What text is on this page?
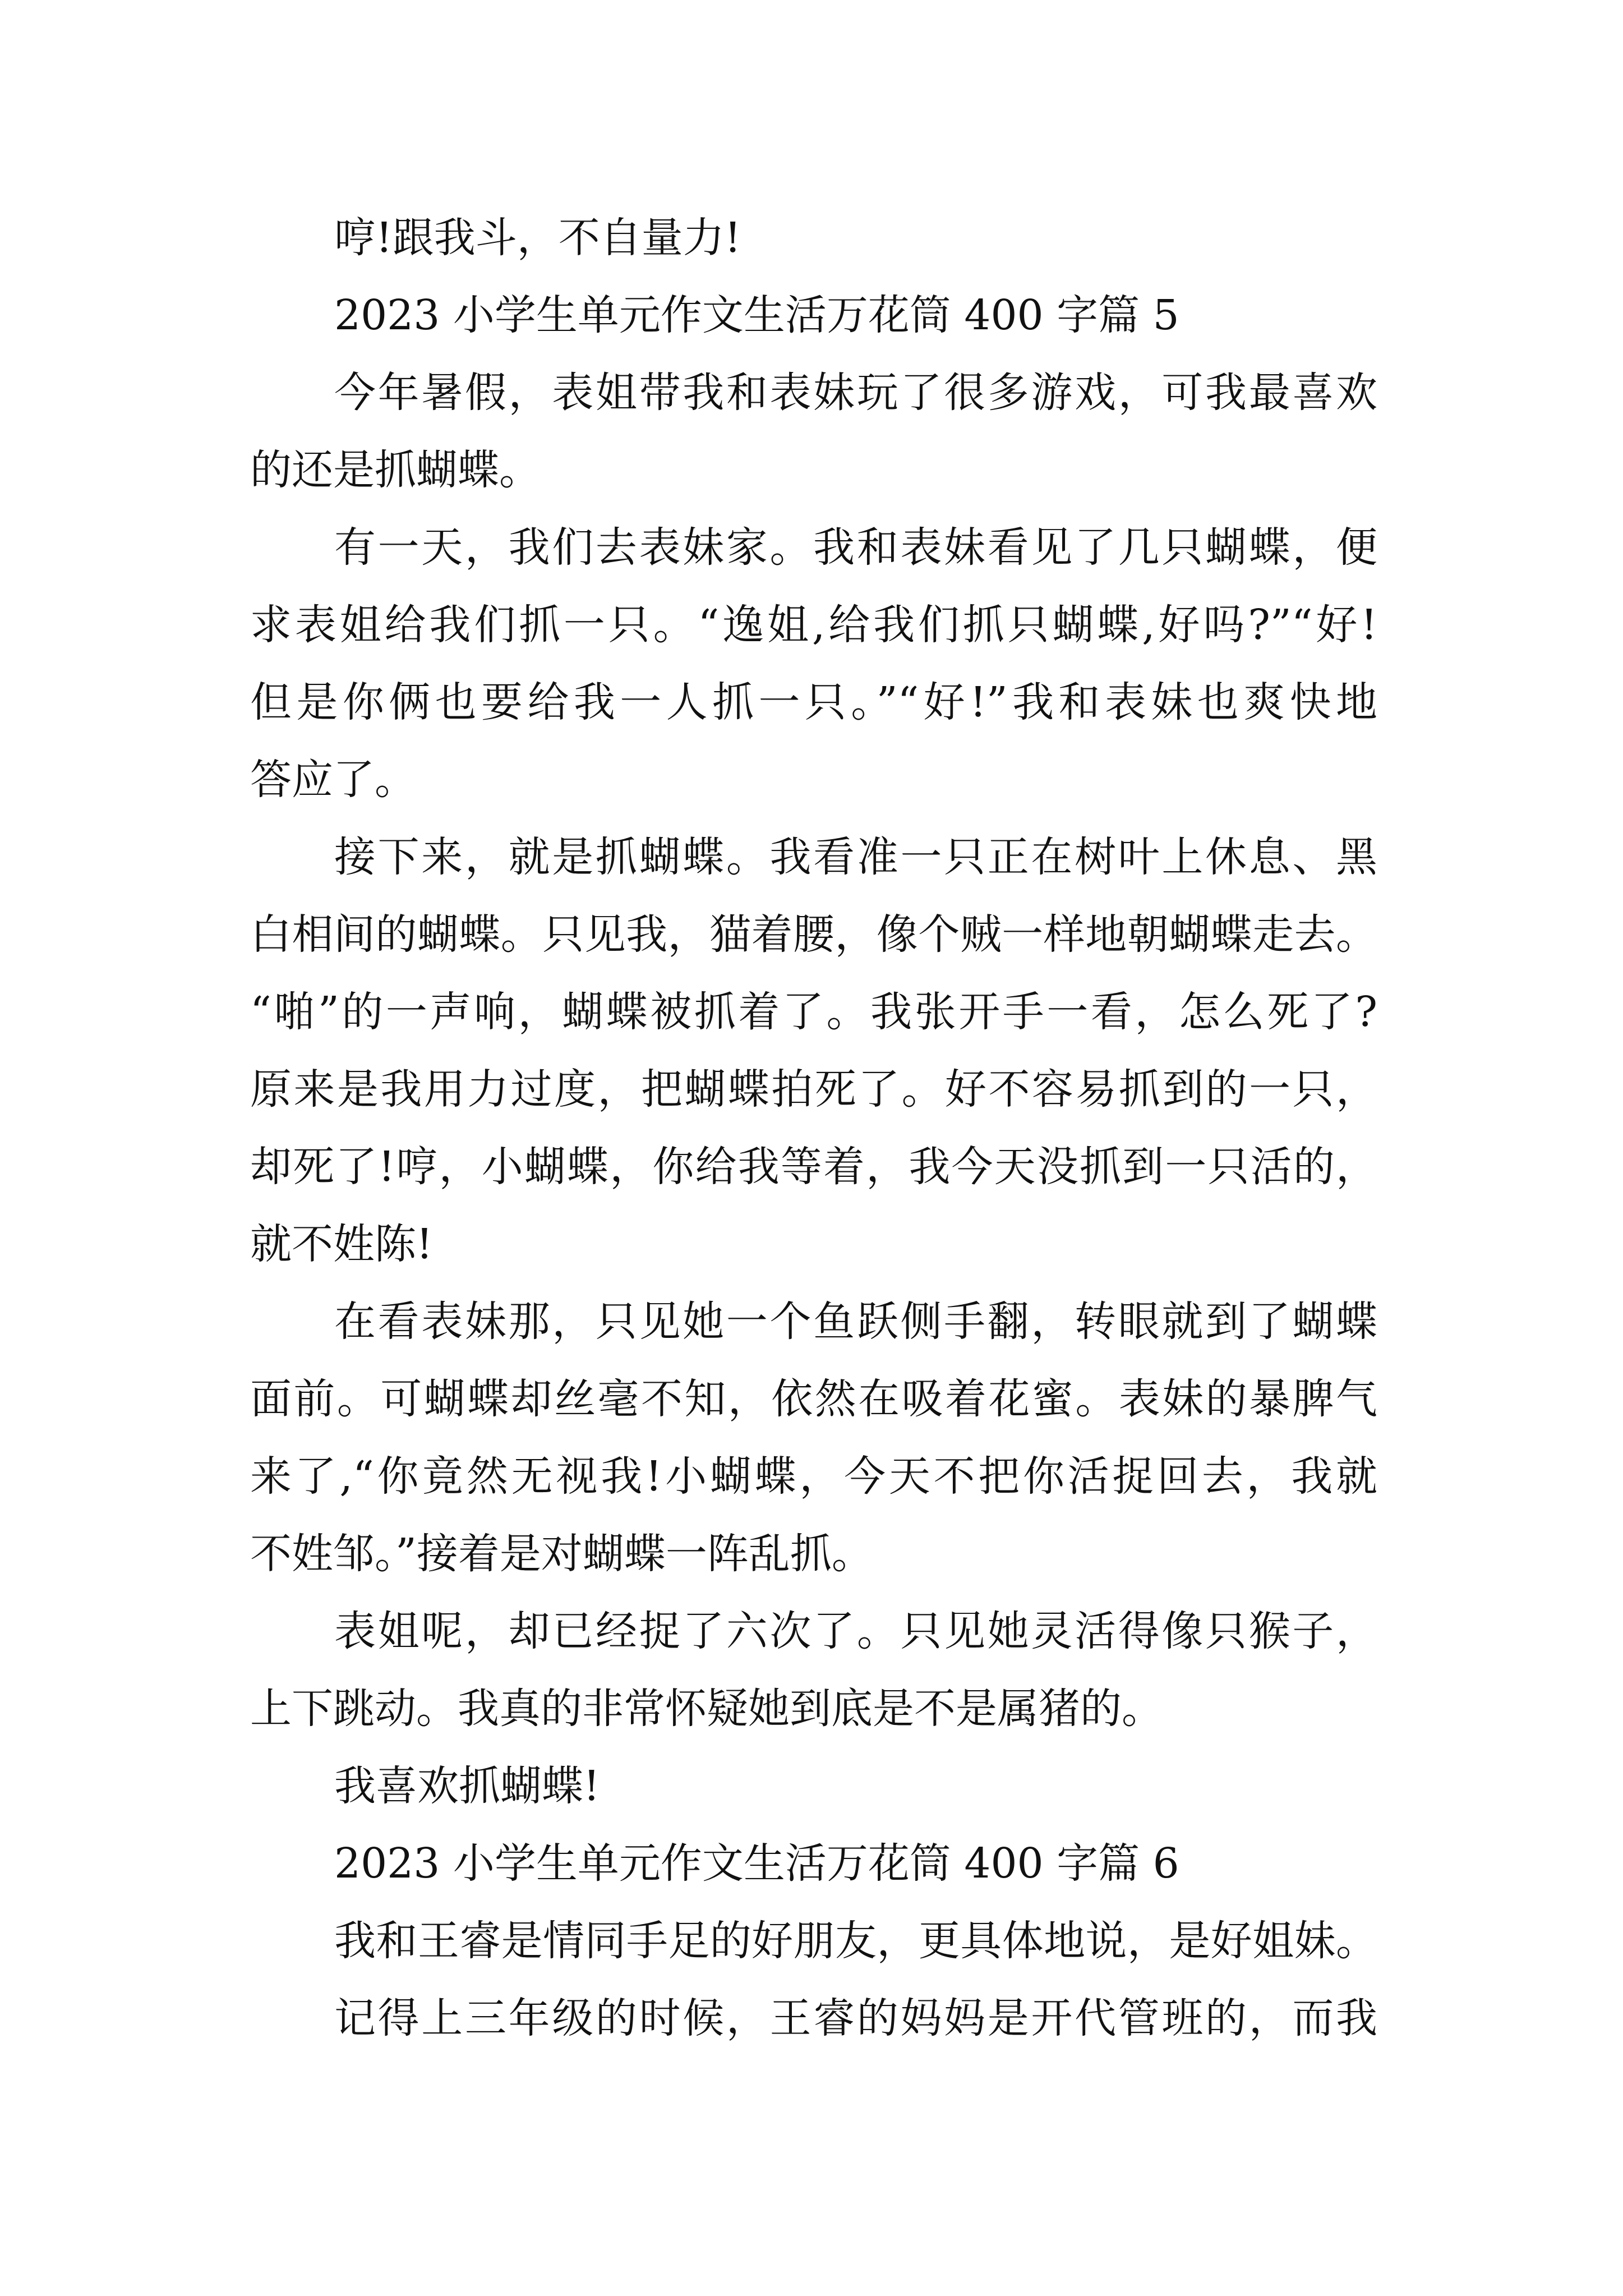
哼!跟我斗，不自量力!
2023 小学生单元作文生活万花筒 400 字篇 5
今年暑假，表姐带我和表妹玩了很多游戏，可我最喜欢
的还是抓蝴蝶。
有一天，我们去表妹家。我和表妹看见了几只蝴蝶，便
求表姐给我们抓一只。“逸姐,给我们抓只蝴蝶,好吗?”“好!
但是你俩也要给我一人抓一只。”“好!”我和表妹也爽快地
答应了。
接下来，就是抓蝴蝶。我看准一只正在树叶上休息、黑
白相间的蝴蝶。只见我，猫着腰，像个贼一样地朝蝴蝶走去。
“啪”的一声响，蝴蝶被抓着了。我张开手一看，怎么死了?
原来是我用力过度，把蝴蝶拍死了。好不容易抓到的一只，
却死了!哼，小蝴蝶，你给我等着，我今天没抓到一只活的，
就不姓陈!
在看表妹那，只见她一个鱼跃侧手翻，转眼就到了蝴蝶
面前。可蝴蝶却丝毫不知，依然在吸着花蜜。表妹的暴脾气
来了,“你竟然无视我!小蝴蝶，今天不把你活捉回去，我就
不姓邹。”接着是对蝴蝶一阵乱抓。
表姐呢，却已经捉了六次了。只见她灵活得像只猴子，
上下跳动。我真的非常怀疑她到底是不是属猪的。
我喜欢抓蝴蝶!
2023 小学生单元作文生活万花筒 400 字篇 6
我和王睿是情同手足的好朋友，更具体地说，是好姐妹。
记得上三年级的时候，王睿的妈妈是开代管班的，而我
